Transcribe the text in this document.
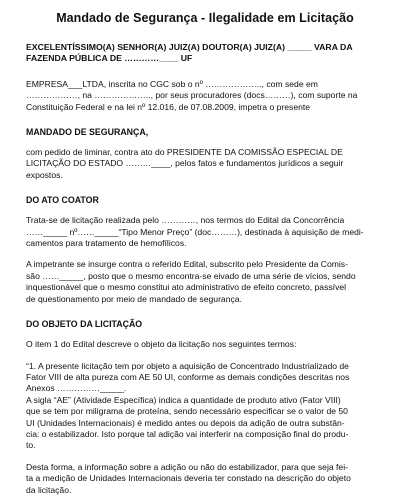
Mandado de Segurança - Ilegalidade em Licitação
EXCELENTÍSSIMO(A) SENHOR(A) JUIZ(A) DOUTOR(A) JUIZ(A) _____ VARA DA
FAZENDA PÚBLICA DE …………____ UF
EMPRESA___LTDA, inscrita no CGC sob o nº ……………….., com sede em
………………, na ……………….., por seus procuradores (docs………), com suporte na
Constituição Federal e na lei nº 12.016, de 07.08.2009, impetra o presente
MANDADO DE SEGURANÇA,
com pedido de liminar, contra ato do PRESIDENTE DA COMISSÃO ESPECIAL DE
LICITAÇÃO DO ESTADO ………____, pelos fatos e fundamentos jurídicos a seguir
expostos.
DO ATO COATOR
Trata-se de licitação realizada pelo …………, nos termos do Edital da Concorrência
……_____ nº……_____“Tipo Menor Preço” (doc………), destinada à aquisição de medi-
camentos para tratamento de hemofílicos.
A impetrante se insurge contra o referido Edital, subscrito pelo Presidente da Comis-
são ……_____, posto que o mesmo encontra-se eivado de uma série de vícios, sendo
inquestionável que o mesmo constitui ato administrativo de efeito concreto, passível
de questionamento por meio de mandado de segurança.
DO OBJETO DA LICITAÇÃO
O item 1 do Edital descreve o objeto da licitação nos seguintes termos:
“1. A presente licitação tem por objeto a aquisição de Concentrado Industrializado de
Fator VIII de alta pureza com AE 50 UI, conforme as demais condições descritas nos
Anexos ……………_____.
A sigla “AE” (Atividade Específica) indica a quantidade de produto ativo (Fator VIII)
que se tem por miligrama de proteína, sendo necessário especificar se o valor de 50
UI (Unidades Internacionais) é medido antes ou depois da adição de outra substân-
cia: o estabilizador. Isto porque tal adição vai interferir na composição final do produ-
to.
Desta forma, a informação sobre a adição ou não do estabilizador, para que seja fei-
ta a medição de Unidades Internacionais deveria ter constado na descrição do objeto
da licitação.
